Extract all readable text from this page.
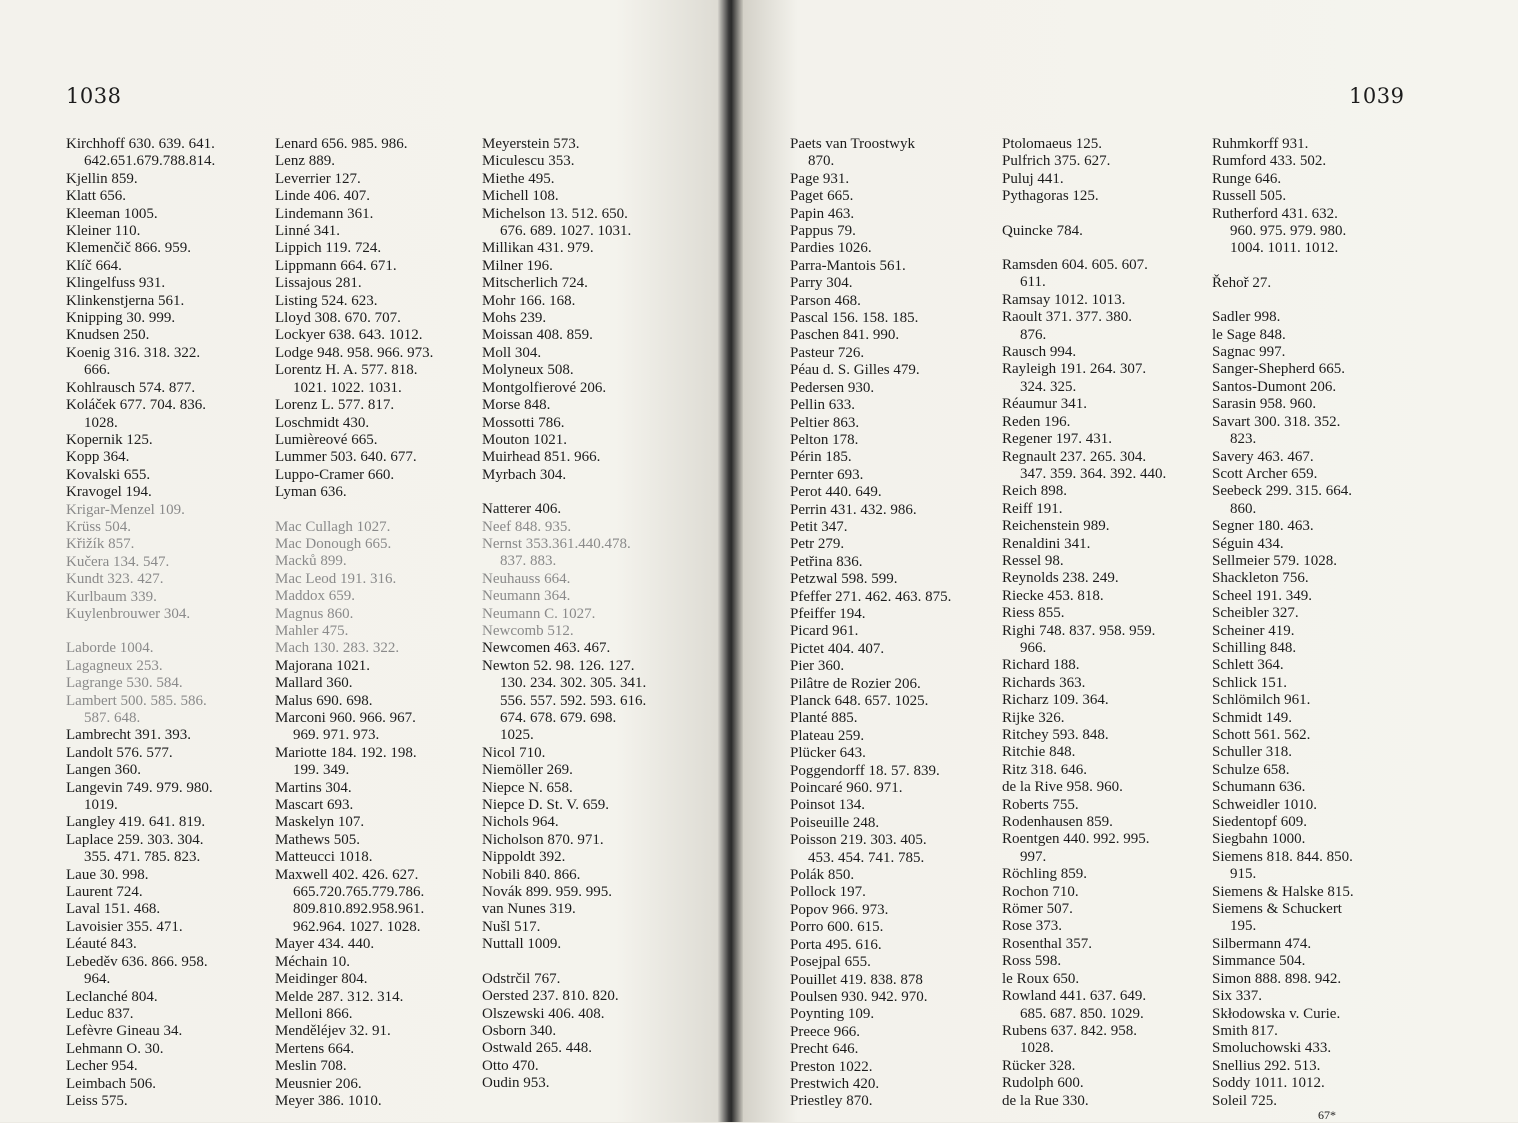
1038	1039
Kirchhoff 630. 639. 641.
642.651.679.788.814.
Kjellin 859.
Klatt 656.
Kleeman 1005.
Kleiner 110.
Klemenčič 866. 959.
Klíč 664.
Klingelfuss 931.
Klinkenstjerna 561.
Knipping 30. 999.
Knudsen 250.
Koenig 316. 318. 322.
666.
Kohlrausch 574. 877.
Koláček 677. 704. 836.
1028.
Kopernik 125.
Kopp 364.
Kovalski 655.
Kravogel 194.
Krigar-Menzel 109.
Krüss 504.
Křižík 857.
Kučera 134. 547.
Kundt 323. 427.
Kurlbaum 339.
Kuylenbrouwer 304.
Laborde 1004.
Lagagneux 253.
Lagrange 530. 584.
Lambert 500. 585. 586.
587. 648.
Lambrecht 391. 393.
Landolt 576. 577.
Langen 360.
Langevin 749. 979. 980.
1019.
Langley 419. 641. 819.
Laplace 259. 303. 304.
355. 471. 785. 823.
Laue 30. 998.
Laurent 724.
Laval 151. 468.
Lavoisier 355. 471.
Léauté 843.
Lebeděv 636. 866. 958.
964.
Leclanché 804.
Leduc 837.
Lefèvre Gineau 34.
Lehmann O. 30.
Lecher 954.
Leimbach 506.
Leiss 575.
Lenard 656. 985. 986.
Lenz 889.
Leverrier 127.
Linde 406. 407.
Lindemann 361.
Linné 341.
Lippich 119. 724.
Lippmann 664. 671.
Lissajous 281.
Listing 524. 623.
Lloyd 308. 670. 707.
Lockyer 638. 643. 1012.
Lodge 948. 958. 966. 973.
Lorentz H. A. 577. 818.
1021. 1022. 1031.
Lorenz L. 577. 817.
Loschmidt 430.
Lumièreové 665.
Lummer 503. 640. 677.
Luppo-Cramer 660.
Lyman 636.
Mac Cullagh 1027.
Mac Donough 665.
Macků 899.
Mac Leod 191. 316.
Maddox 659.
Magnus 860.
Mahler 475.
Mach 130. 283. 322.
Majorana 1021.
Mallard 360.
Malus 690. 698.
Marconi 960. 966. 967.
969. 971. 973.
Mariotte 184. 192. 198.
199. 349.
Martins 304.
Mascart 693.
Maskelyn 107.
Mathews 505.
Matteucci 1018.
Maxwell 402. 426. 627.
665.720.765.779.786.
809.810.892.958.961.
962.964. 1027. 1028.
Mayer 434. 440.
Méchain 10.
Meidinger 804.
Melde 287. 312. 314.
Melloni 866.
Menděléjev 32. 91.
Mertens 664.
Meslin 708.
Meusnier 206.
Meyer 386. 1010.
Meyerstein 573.
Miculescu 353.
Miethe 495.
Michell 108.
Michelson 13. 512. 650.
676. 689. 1027. 1031.
Millikan 431. 979.
Milner 196.
Mitscherlich 724.
Mohr 166. 168.
Mohs 239.
Moissan 408. 859.
Moll 304.
Molyneux 508.
Montgolfierové 206.
Morse 848.
Mossotti 786.
Mouton 1021.
Muirhead 851. 966.
Myrbach 304.
Natterer 406.
Neef 848. 935.
Nernst 353.361.440.478.
837. 883.
Neuhauss 664.
Neumann 364.
Neumann C. 1027.
Newcomb 512.
Newcomen 463. 467.
Newton 52. 98. 126. 127.
130. 234. 302. 305. 341.
556. 557. 592. 593. 616.
674. 678. 679. 698.
1025.
Nicol 710.
Niemöller 269.
Niepce N. 658.
Niepce D. St. V. 659.
Nichols 964.
Nicholson 870. 971.
Nippoldt 392.
Nobili 840. 866.
Novák 899. 959. 995.
van Nunes 319.
Nušl 517.
Nuttall 1009.
Odstrčil 767.
Oersted 237. 810. 820.
Olszewski 406. 408.
Osborn 340.
Ostwald 265. 448.
Otto 470.
Oudin 953.
Paets van Troostwyk
870.
Page 931.
Paget 665.
Papin 463.
Pappus 79.
Pardies 1026.
Parra-Mantois 561.
Parry 304.
Parson 468.
Pascal 156. 158. 185.
Paschen 841. 990.
Pasteur 726.
Péau d. S. Gilles 479.
Pedersen 930.
Pellin 633.
Peltier 863.
Pelton 178.
Périn 185.
Pernter 693.
Perot 440. 649.
Perrin 431. 432. 986.
Petit 347.
Petr 279.
Petřina 836.
Petzwal 598. 599.
Pfeffer 271. 462. 463. 875.
Pfeiffer 194.
Picard 961.
Pictet 404. 407.
Pier 360.
Pilâtre de Rozier 206.
Planck 648. 657. 1025.
Planté 885.
Plateau 259.
Plücker 643.
Poggendorff 18. 57. 839.
Poincaré 960. 971.
Poinsot 134.
Poiseuille 248.
Poisson 219. 303. 405.
453. 454. 741. 785.
Polák 850.
Pollock 197.
Popov 966. 973.
Porro 600. 615.
Porta 495. 616.
Posejpal 655.
Pouillet 419. 838. 878
Poulsen 930. 942. 970.
Poynting 109.
Preece 966.
Precht 646.
Preston 1022.
Prestwich 420.
Priestley 870.
Ptolomaeus 125.
Pulfrich 375. 627.
Puluj 441.
Pythagoras 125.
Quincke 784.
Ramsden 604. 605. 607.
611.
Ramsay 1012. 1013.
Raoult 371. 377. 380.
876.
Rausch 994.
Rayleigh 191. 264. 307.
324. 325.
Réaumur 341.
Reden 196.
Regener 197. 431.
Regnault 237. 265. 304.
347. 359. 364. 392. 440.
Reich 898.
Reiff 191.
Reichenstein 989.
Renaldini 341.
Ressel 98.
Reynolds 238. 249.
Riecke 453. 818.
Riess 855.
Righi 748. 837. 958. 959.
966.
Richard 188.
Richards 363.
Richarz 109. 364.
Rijke 326.
Ritchey 593. 848.
Ritchie 848.
Ritz 318. 646.
de la Rive 958. 960.
Roberts 755.
Rodenhausen 859.
Roentgen 440. 992. 995.
997.
Röchling 859.
Rochon 710.
Römer 507.
Rose 373.
Rosenthal 357.
Ross 598.
le Roux 650.
Rowland 441. 637. 649.
685. 687. 850. 1029.
Rubens 637. 842. 958.
1028.
Rücker 328.
Rudolph 600.
de la Rue 330.
Ruhmkorff 931.
Rumford 433. 502.
Runge 646.
Russell 505.
Rutherford 431. 632.
960. 975. 979. 980.
1004. 1011. 1012.
Řehoř 27.
Sadler 998.
le Sage 848.
Sagnac 997.
Sanger-Shepherd 665.
Santos-Dumont 206.
Sarasin 958. 960.
Savart 300. 318. 352.
823.
Savery 463. 467.
Scott Archer 659.
Seebeck 299. 315. 664.
860.
Segner 180. 463.
Séguin 434.
Sellmeier 579. 1028.
Shackleton 756.
Scheel 191. 349.
Scheibler 327.
Scheiner 419.
Schilling 848.
Schlett 364.
Schlick 151.
Schlömilch 961.
Schmidt 149.
Schott 561. 562.
Schuller 318.
Schulze 658.
Schumann 636.
Schweidler 1010.
Siedentopf 609.
Siegbahn 1000.
Siemens 818. 844. 850.
915.
Siemens & Halske 815.
Siemens & Schuckert
195.
Silbermann 474.
Simmance 504.
Simon 888. 898. 942.
Six 337.
Skłodowska v. Curie.
Smith 817.
Smoluchowski 433.
Snellius 292. 513.
Soddy 1011. 1012.
Soleil 725.
67*
